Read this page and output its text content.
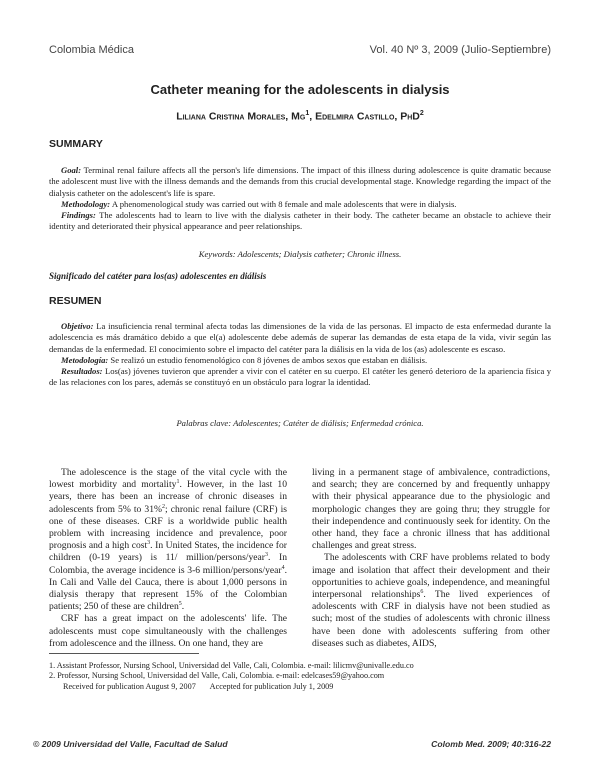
Colombia Médica	Vol. 40 Nº 3, 2009 (Julio-Septiembre)
Catheter meaning for the adolescents in dialysis
Liliana Cristina Morales, Mg$^1$, Edelmira Castillo, PhD$^2$
SUMMARY

Goal: Terminal renal failure affects all the person's life dimensions. The impact of this illness during adolescence is quite dramatic because the adolescent must live with the illness demands and the demands from this crucial developmental stage. Knowledge regarding the impact of the dialysis catheter on the adolescent's life is spare.

Methodology: A phenomenological study was carried out with 8 female and male adolescents that were in dialysis.

Findings: The adolescents had to learn to live with the dialysis catheter in their body. The catheter became an obstacle to achieve their identity and deteriorated their physical appearance and peer relationships.

Keywords: Adolescents; Dialysis catheter; Chronic illness.
Significado del catéter para los(as) adolescentes en diálisis
RESUMEN

Objetivo: La insuficiencia renal terminal afecta todas las dimensiones de la vida de las personas. El impacto de esta enfermedad durante la adolescencia es más dramático debido a que el(a) adolescente debe además de superar las demandas de esta etapa de la vida, vivir según las demandas de la enfermedad. El conocimiento sobre el impacto del catéter para la diálisis en la vida de los (as) adolescente es escaso.

Metodología: Se realizó un estudio fenomenológico con 8 jóvenes de ambos sexos que estaban en diálisis.

Resultados: Los(as) jóvenes tuvieron que aprender a vivir con el catéter en su cuerpo. El catéter les generó deterioro de la apariencia física y de las relaciones con los pares, además se constituyó en un obstáculo para lograr la identidad.

Palabras clave: Adolescentes; Catéter de diálisis; Enfermedad crónica.

The adolescence is the stage of the vital cycle with the lowest morbidity and mortality$^1$. However, in the last 10 years, there has been an increase of chronic diseases in adolescents from 5% to 31%$^2$; chronic renal failure (CRF) is one of these diseases. CRF is a worldwide public health problem with increasing incidence and prevalence, poor prognosis and a high cost$^3$. In United States, the incidence for children (0-19 years) is 11/ million/persons/year$^3$. In Colombia, the average incidence is 3-6 million/persons/year$^4$. In Cali and Valle del Cauca, there is about 1,000 persons in dialysis therapy that represent 15% of the Colombian patients; 250 of these are children$^5$.

CRF has a great impact on the adolescents' life. The adolescents must cope simultaneously with the challenges from adolescence and the illness. On one hand, they are

living in a permanent stage of ambivalence, contradictions, and search; they are concerned by and frequently unhappy with their physical appearance due to the physiologic and morphologic changes they are going thru; they struggle for their independence and continuously seek for identity. On the other hand, they face a chronic illness that has additional challenges and great stress.

The adolescents with CRF have problems related to body image and isolation that affect their development and their opportunities to achieve goals, independence, and meaningful interpersonal relationships$^6$. The lived experiences of adolescents with CRF in dialysis have not been studied as such; most of the studies of adolescents with chronic illness have been done with adolescents suffering from other diseases such as diabetes, AIDS,

1. Assistant Professor, Nursing School, Universidad del Valle, Cali, Colombia. e-mail: lilicmv@univalle.edu.co
2. Professor, Nursing School, Universidad del Valle, Cali, Colombia. e-mail: edelcases59@yahoo.com
Received for publication August 9, 2007       Accepted for publication July 1, 2009
© 2009 Universidad del Valle, Facultad de Salud	Colomb Med. 2009; 40:316-22
